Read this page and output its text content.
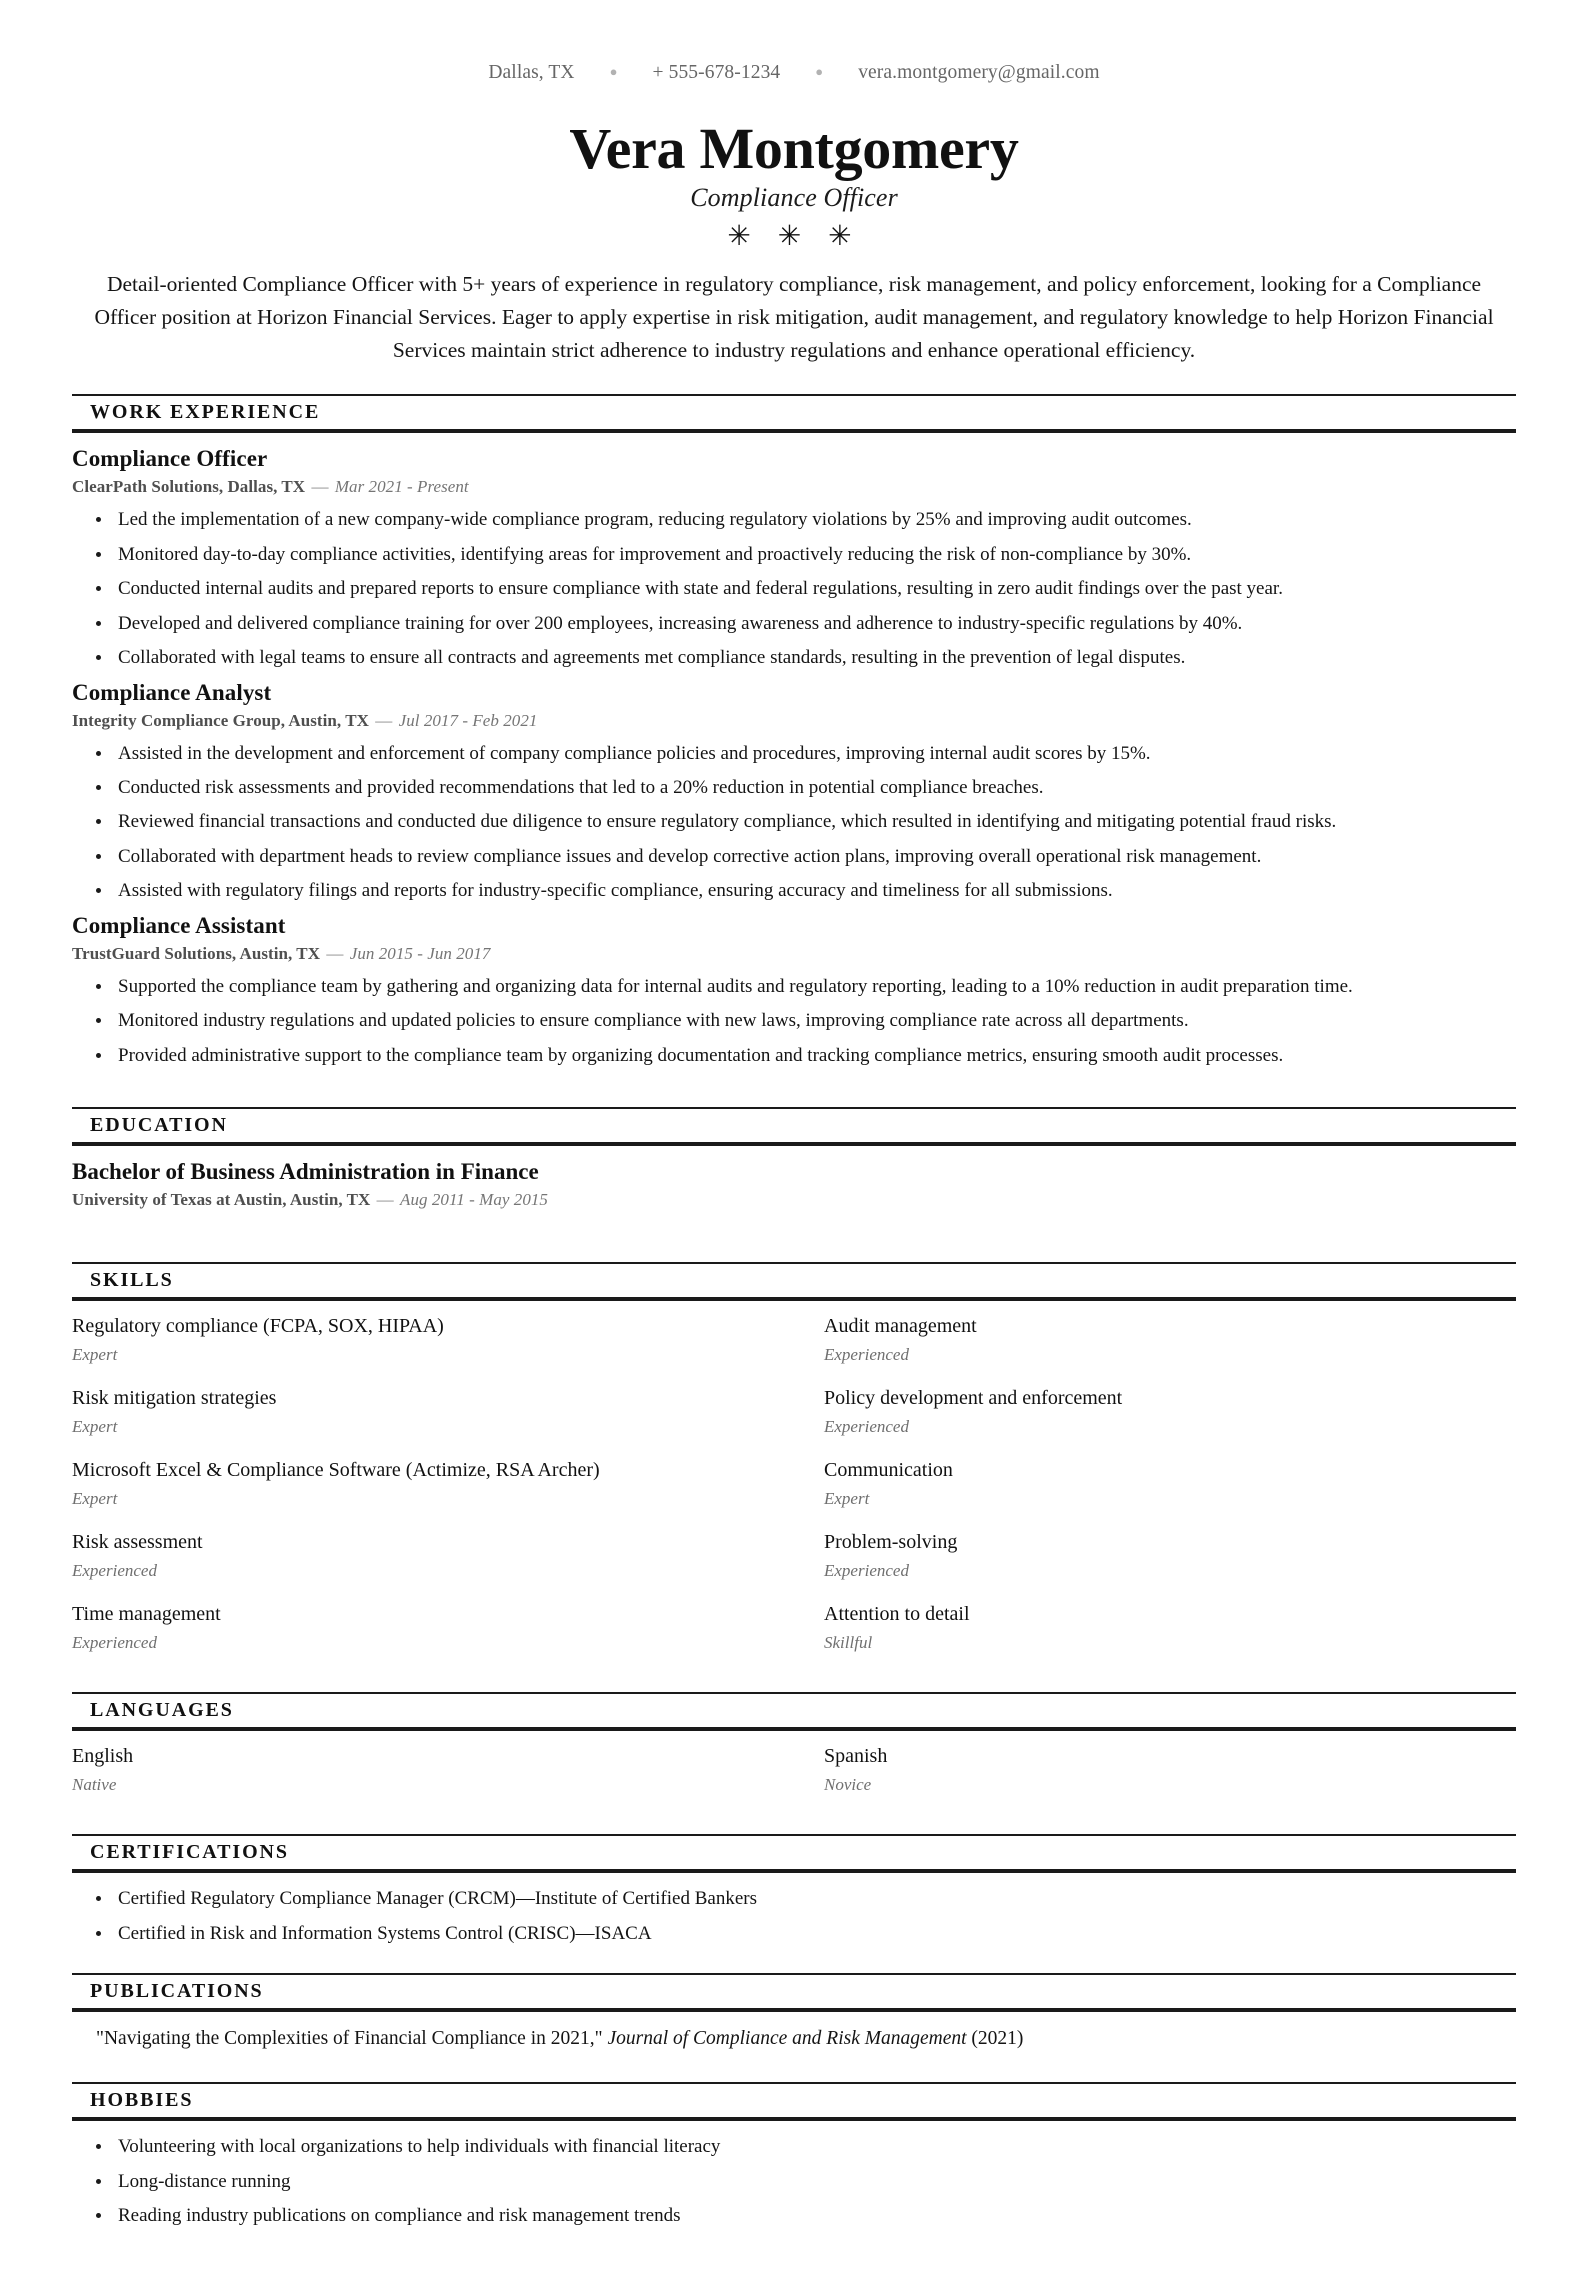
Dallas, TX	● + 555-678-1234	● vera.montgomery@gmail.com
Vera Montgomery
Compliance Officer
✳ ✳ ✳

Detail-oriented Compliance Officer with 5+ years of experience in regulatory compliance, risk management, and policy enforcement, looking for a Compliance Officer position at Horizon Financial Services. Eager to apply expertise in risk mitigation, audit management, and regulatory knowledge to help Horizon Financial Services maintain strict adherence to industry regulations and enhance operational efficiency.

WORK EXPERIENCE
Compliance Officer
ClearPath Solutions, Dallas, TX — Mar 2021 - Present
Led the implementation of a new company-wide compliance program, reducing regulatory violations by 25% and improving audit outcomes.
Monitored day-to-day compliance activities, identifying areas for improvement and proactively reducing the risk of non-compliance by 30%.
Conducted internal audits and prepared reports to ensure compliance with state and federal regulations, resulting in zero audit findings over the past year.
Developed and delivered compliance training for over 200 employees, increasing awareness and adherence to industry-specific regulations by 40%.
Collaborated with legal teams to ensure all contracts and agreements met compliance standards, resulting in the prevention of legal disputes.
Compliance Analyst
Integrity Compliance Group, Austin, TX — Jul 2017 - Feb 2021
Assisted in the development and enforcement of company compliance policies and procedures, improving internal audit scores by 15%.
Conducted risk assessments and provided recommendations that led to a 20% reduction in potential compliance breaches.
Reviewed financial transactions and conducted due diligence to ensure regulatory compliance, which resulted in identifying and mitigating potential fraud risks.
Collaborated with department heads to review compliance issues and develop corrective action plans, improving overall operational risk management.
Assisted with regulatory filings and reports for industry-specific compliance, ensuring accuracy and timeliness for all submissions.
Compliance Assistant
TrustGuard Solutions, Austin, TX — Jun 2015 - Jun 2017
Supported the compliance team by gathering and organizing data for internal audits and regulatory reporting, leading to a 10% reduction in audit preparation time.
Monitored industry regulations and updated policies to ensure compliance with new laws, improving compliance rate across all departments.
Provided administrative support to the compliance team by organizing documentation and tracking compliance metrics, ensuring smooth audit processes.
EDUCATION
Bachelor of Business Administration in Finance
University of Texas at Austin, Austin, TX — Aug 2011 - May 2015
SKILLS
Regulatory compliance (FCPA, SOX, HIPAA)
Expert
Audit management
Experienced
Risk mitigation strategies
Expert
Policy development and enforcement
Experienced
Microsoft Excel & Compliance Software (Actimize, RSA Archer)
Expert
Communication
Expert
Risk assessment
Experienced
Problem-solving
Experienced
Time management
Experienced
Attention to detail
Skillful
LANGUAGES
English
Native
Spanish
Novice
CERTIFICATIONS
Certified Regulatory Compliance Manager (CRCM)—Institute of Certified Bankers
Certified in Risk and Information Systems Control (CRISC)—ISACA
PUBLICATIONS
"Navigating the Complexities of Financial Compliance in 2021," Journal of Compliance and Risk Management (2021)
HOBBIES
Volunteering with local organizations to help individuals with financial literacy
Long-distance running
Reading industry publications on compliance and risk management trends
